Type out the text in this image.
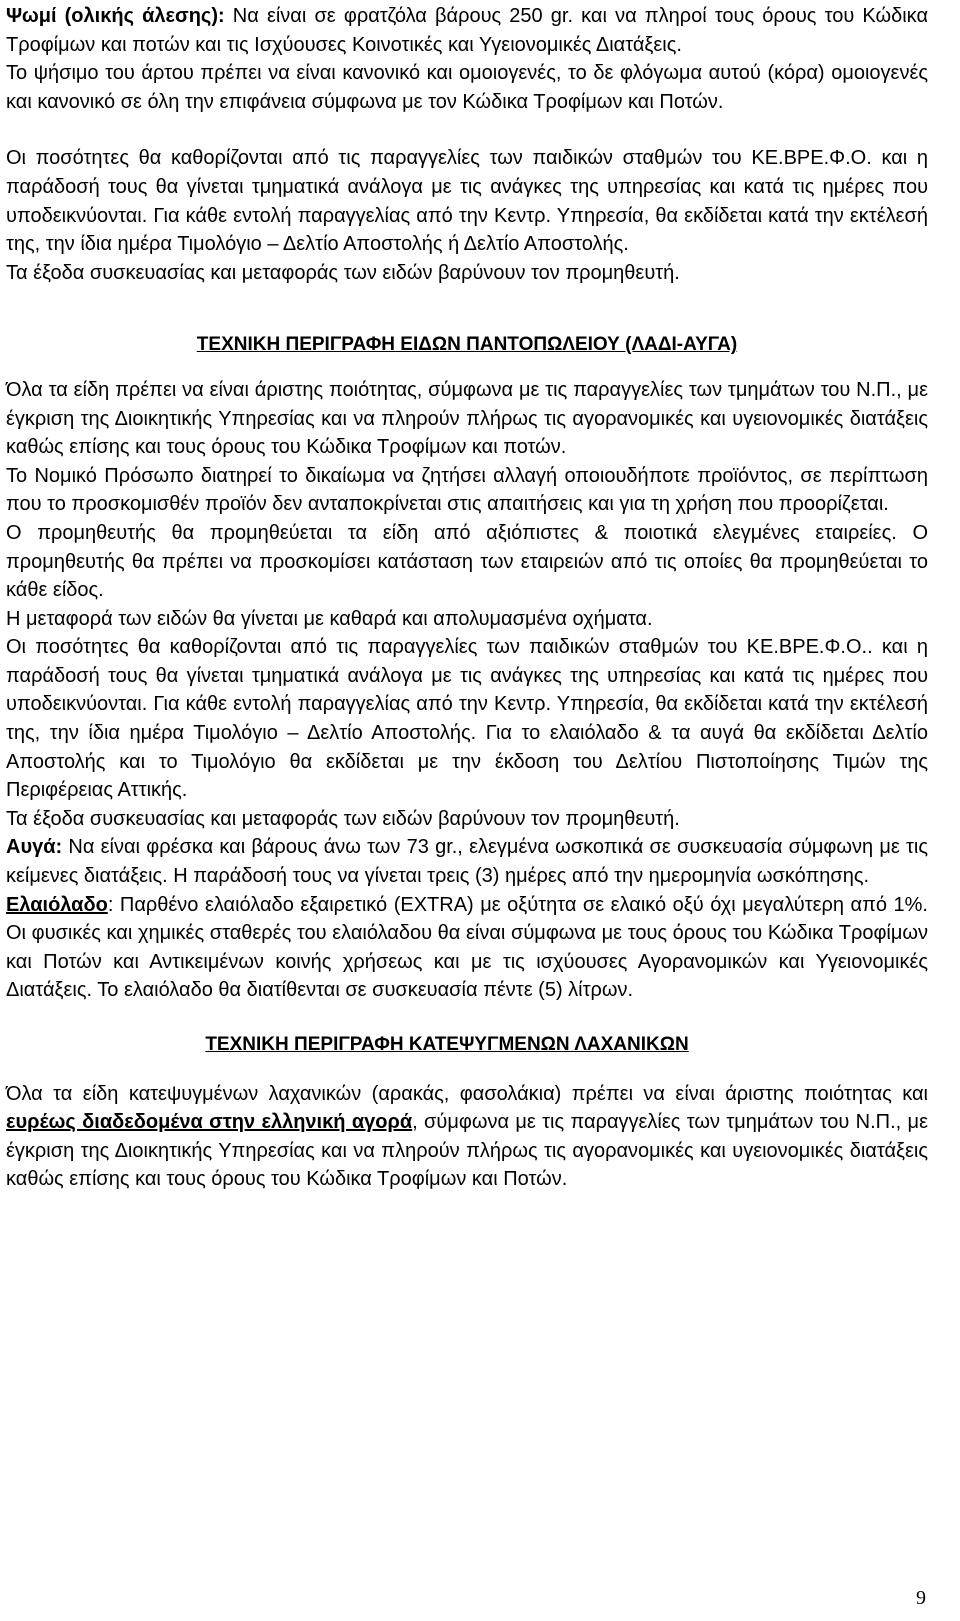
Ψωμί (ολικής άλεσης): Να είναι σε φρατζόλα βάρους 250 gr. και να πληροί τους όρους του Κώδικα Τροφίμων και ποτών και τις Ισχύουσες Κοινοτικές και Υγειονομικές Διατάξεις.

Το ψήσιμο του άρτου πρέπει να είναι κανονικό και ομοιογενές, το δε φλόγωμα αυτού (κόρα) ομοιογενές και κανονικό σε όλη την επιφάνεια σύμφωνα με τον Κώδικα Τροφίμων και Ποτών.

Οι ποσότητες θα καθορίζονται από τις παραγγελίες των παιδικών σταθμών του ΚΕ.ΒΡΕ.Φ.Ο. και η παράδοσή τους θα γίνεται τμηματικά ανάλογα με τις ανάγκες της υπηρεσίας και κατά τις ημέρες που υποδεικνύονται. Για κάθε εντολή παραγγελίας από την Κεντρ. Υπηρεσία, θα εκδίδεται κατά την εκτέλεσή της, την ίδια ημέρα Τιμολόγιο – Δελτίο Αποστολής ή Δελτίο Αποστολής.

Τα έξοδα συσκευασίας και μεταφοράς των ειδών βαρύνουν τον προμηθευτή.

ΤΕΧΝΙΚΗ ΠΕΡΙΓΡΑΦΗ ΕΙΔΩΝ ΠΑΝΤΟΠΩΛΕΙΟΥ (ΛΑΔΙ-ΑΥΓΑ)

Όλα τα είδη πρέπει να είναι άριστης ποιότητας, σύμφωνα με τις παραγγελίες των τμημάτων του Ν.Π., με έγκριση της Διοικητικής Υπηρεσίας και να πληρούν πλήρως τις αγορανομικές και υγειονομικές διατάξεις καθώς επίσης και τους όρους του Κώδικα Τροφίμων και ποτών.

Το Νομικό Πρόσωπο διατηρεί το δικαίωμα να ζητήσει αλλαγή οποιουδήποτε προϊόντος, σε περίπτωση που το προσκομισθέν προϊόν δεν ανταποκρίνεται στις απαιτήσεις και για τη χρήση που προορίζεται.

Ο προμηθευτής θα προμηθεύεται τα είδη από αξιόπιστες & ποιοτικά ελεγμένες εταιρείες. Ο προμηθευτής θα πρέπει να προσκομίσει κατάσταση των εταιρειών από τις οποίες θα προμηθεύεται το κάθε είδος.

Η μεταφορά των ειδών θα γίνεται με καθαρά και απολυμασμένα οχήματα.

Οι ποσότητες θα καθορίζονται από τις παραγγελίες των παιδικών σταθμών του ΚΕ.ΒΡΕ.Φ.Ο.. και η παράδοσή τους θα γίνεται τμηματικά ανάλογα με τις ανάγκες της υπηρεσίας και κατά τις ημέρες που υποδεικνύονται. Για κάθε εντολή παραγγελίας από την Κεντρ. Υπηρεσία, θα εκδίδεται κατά την εκτέλεσή της, την ίδια ημέρα Τιμολόγιο – Δελτίο Αποστολής. Για το ελαιόλαδο & τα αυγά θα εκδίδεται Δελτίο Αποστολής και το Τιμολόγιο θα εκδίδεται με την έκδοση του Δελτίου Πιστοποίησης Τιμών της Περιφέρειας Αττικής.

Τα έξοδα συσκευασίας και μεταφοράς των ειδών βαρύνουν τον προμηθευτή.

Αυγά: Να είναι φρέσκα και βάρους άνω των 73 gr., ελεγμένα ωσκοπικά σε συσκευασία σύμφωνη με τις κείμενες διατάξεις. Η παράδοσή τους να γίνεται τρεις (3) ημέρες από την ημερομηνία ωσκόπησης.

Ελαιόλαδο: Παρθένο ελαιόλαδο εξαιρετικό (EXTRA) με οξύτητα σε ελαικό οξύ όχι μεγαλύτερη από 1%. Οι φυσικές και χημικές σταθερές του ελαιόλαδου θα είναι σύμφωνα με τους όρους του Κώδικα Τροφίμων και Ποτών και Αντικειμένων κοινής χρήσεως και με τις ισχύουσες Αγορανομικών και Υγειονομικές Διατάξεις. Το ελαιόλαδο θα διατίθενται σε συσκευασία πέντε (5) λίτρων.

ΤΕΧΝΙΚΗ ΠΕΡΙΓΡΑΦΗ ΚΑΤΕΨΥΓΜΕΝΩΝ ΛΑΧΑΝΙΚΩΝ

Όλα τα είδη κατεψυγμένων λαχανικών (αρακάς, φασολάκια) πρέπει να είναι άριστης ποιότητας και ευρέως διαδεδομένα στην ελληνική αγορά, σύμφωνα με τις παραγγελίες των τμημάτων του Ν.Π., με έγκριση της Διοικητικής Υπηρεσίας και να πληρούν πλήρως τις αγορανομικές και υγειονομικές διατάξεις καθώς επίσης και τους όρους του Κώδικα Τροφίμων και Ποτών.

9
